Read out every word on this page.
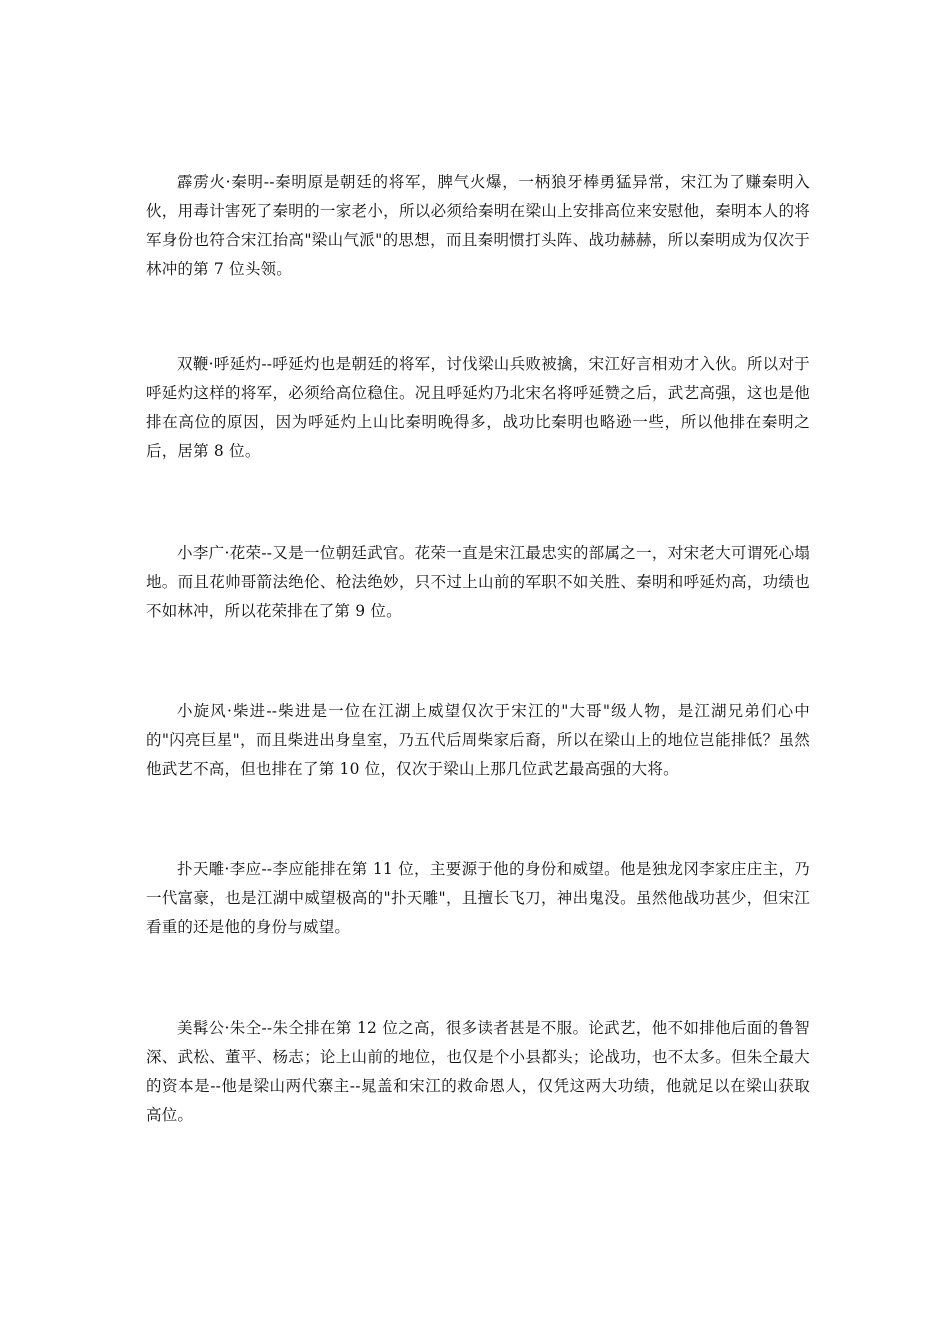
霹雳火·秦明--秦明原是朝廷的将军，脾气火爆，一柄狼牙棒勇猛异常，宋江为了赚秦明入伙，用毒计害死了秦明的一家老小，所以必须给秦明在梁山上安排高位来安慰他，秦明本人的将军身份也符合宋江抬高"梁山气派"的思想，而且秦明惯打头阵、战功赫赫，所以秦明成为仅次于林冲的第 7 位头领。

双鞭·呼延灼--呼延灼也是朝廷的将军，讨伐梁山兵败被擒，宋江好言相劝才入伙。所以对于呼延灼这样的将军，必须给高位稳住。况且呼延灼乃北宋名将呼延赞之后，武艺高强，这也是他排在高位的原因，因为呼延灼上山比秦明晚得多，战功比秦明也略逊一些，所以他排在秦明之后，居第 8 位。

小李广·花荣--又是一位朝廷武官。花荣一直是宋江最忠实的部属之一，对宋老大可谓死心塌地。而且花帅哥箭法绝伦、枪法绝妙，只不过上山前的军职不如关胜、秦明和呼延灼高，功绩也不如林冲，所以花荣排在了第 9 位。

小旋风·柴进--柴进是一位在江湖上威望仅次于宋江的"大哥"级人物，是江湖兄弟们心中的"闪亮巨星"，而且柴进出身皇室，乃五代后周柴家后裔，所以在梁山上的地位岂能排低？虽然他武艺不高，但也排在了第 10 位，仅次于梁山上那几位武艺最高强的大将。

扑天雕·李应--李应能排在第 11 位，主要源于他的身份和威望。他是独龙冈李家庄庄主，乃一代富豪，也是江湖中威望极高的"扑天雕"，且擅长飞刀，神出鬼没。虽然他战功甚少，但宋江看重的还是他的身份与威望。

美髯公·朱仝--朱仝排在第 12 位之高，很多读者甚是不服。论武艺，他不如排他后面的鲁智深、武松、董平、杨志；论上山前的地位，也仅是个小县都头；论战功，也不太多。但朱仝最大的资本是--他是梁山两代寨主--晁盖和宋江的救命恩人，仅凭这两大功绩，他就足以在梁山获取高位。
